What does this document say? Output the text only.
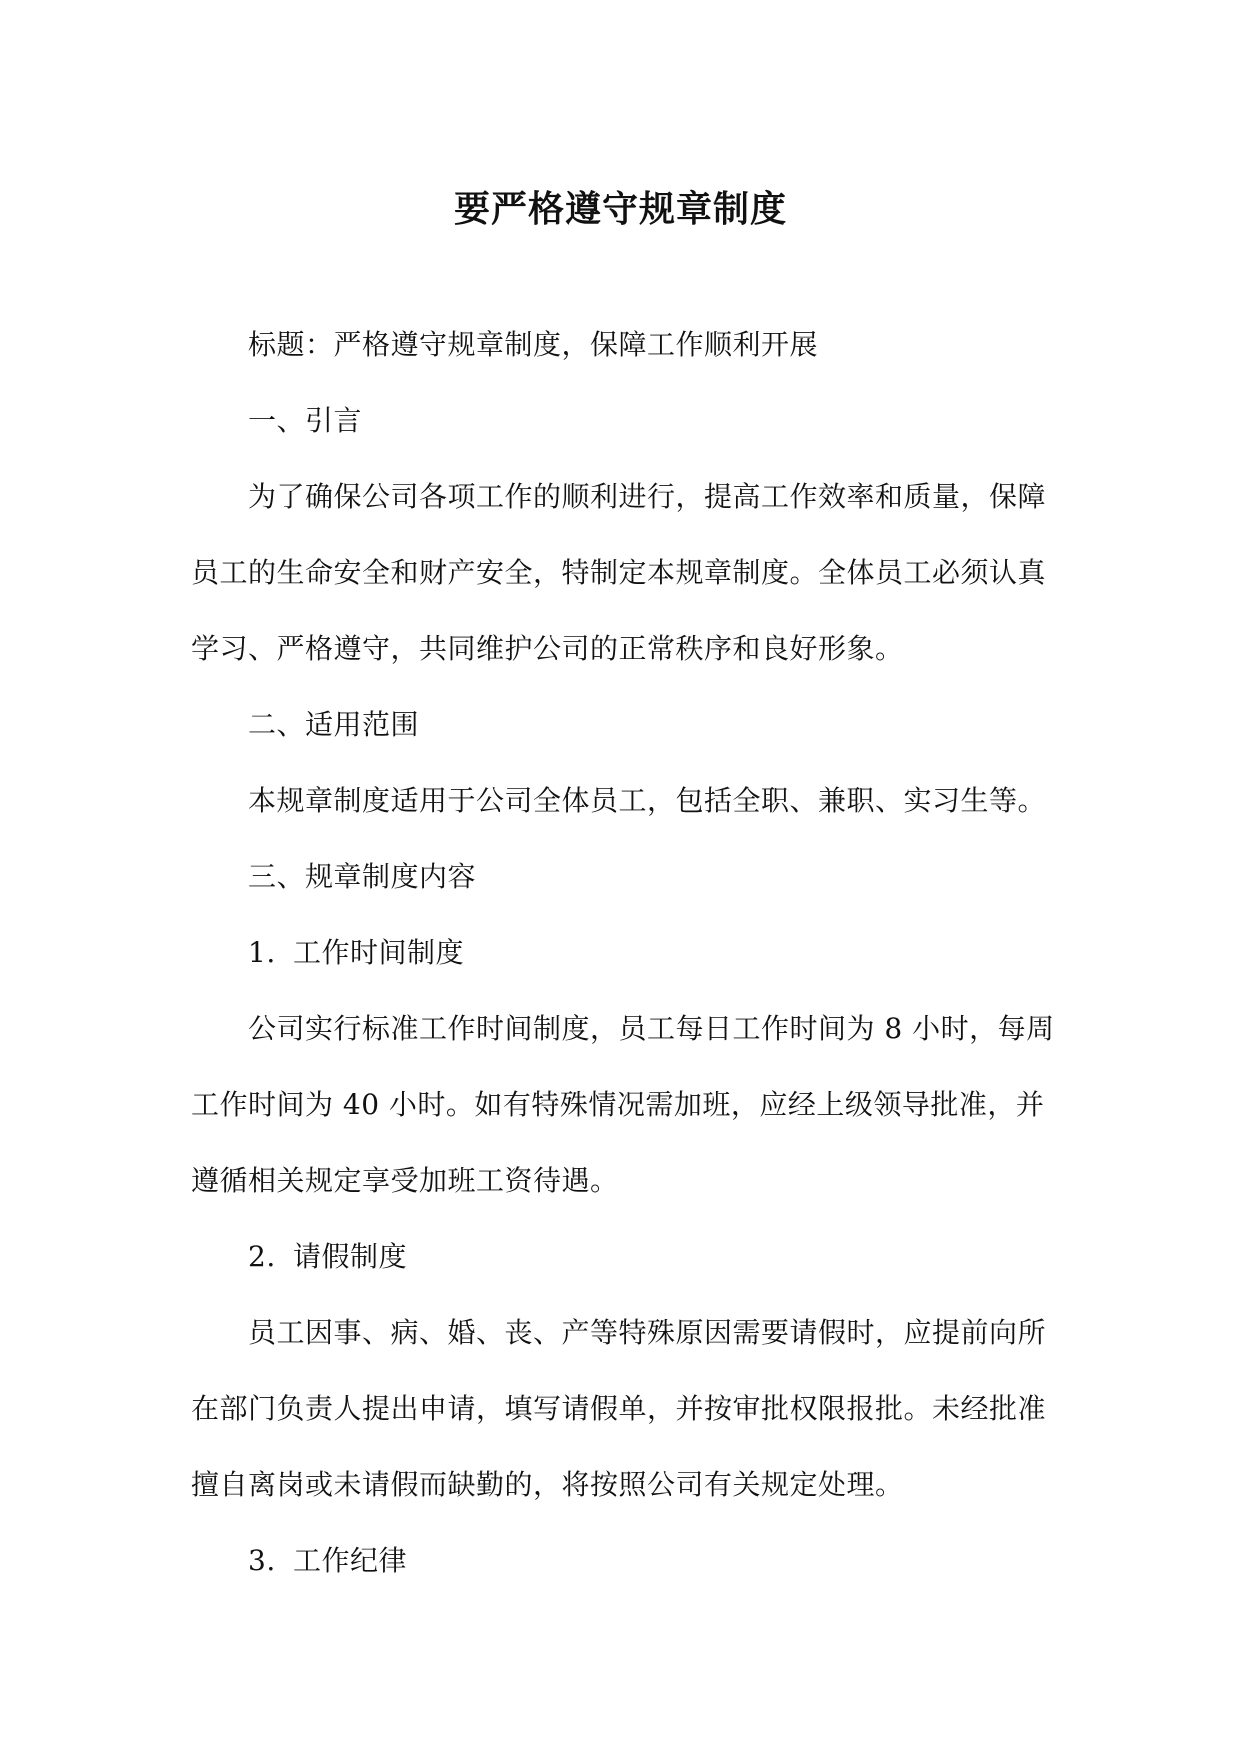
要严格遵守规章制度
标题：严格遵守规章制度，保障工作顺利开展
一、引言
为了确保公司各项工作的顺利进行，提高工作效率和质量，保障
员工的生命安全和财产安全，特制定本规章制度。全体员工必须认真
学习、严格遵守，共同维护公司的正常秩序和良好形象。
二、适用范围
本规章制度适用于公司全体员工，包括全职、兼职、实习生等。
三、规章制度内容
1. 工作时间制度
公司实行标准工作时间制度，员工每日工作时间为 8 小时，每周
工作时间为 40 小时。如有特殊情况需加班，应经上级领导批准，并
遵循相关规定享受加班工资待遇。
2. 请假制度
员工因事、病、婚、丧、产等特殊原因需要请假时，应提前向所
在部门负责人提出申请，填写请假单，并按审批权限报批。未经批准
擅自离岗或未请假而缺勤的，将按照公司有关规定处理。
3. 工作纪律
